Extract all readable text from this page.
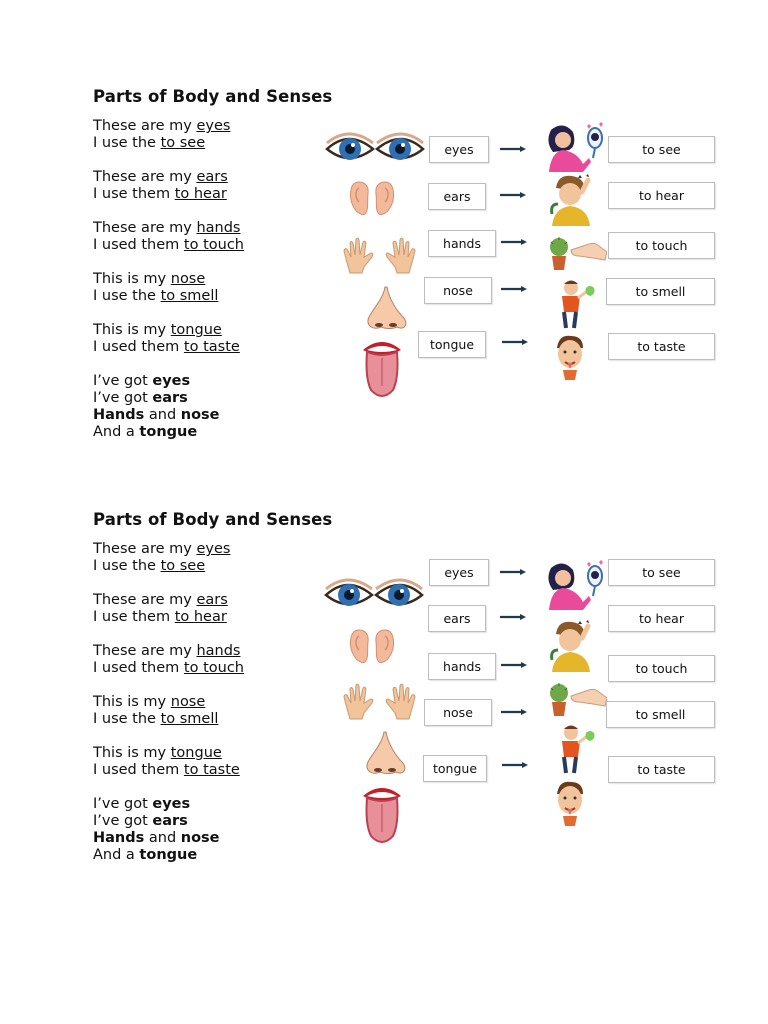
Parts of Body and Senses
These are my eyes
I use the to see
These are my ears
I use them to hear
These are my hands
I used them to touch
This is my nose
I use the to smell
This is my tongue
I used them to taste
I’ve got eyes
I’ve got ears
Hands and nose
And a tongue
eyes
ears
hands
nose
tongue
to see
to hear
to touch
to smell
to taste
Parts of Body and Senses
These are my eyes
I use the to see
These are my ears
I use them to hear
These are my hands
I used them to touch
This is my nose
I use the to smell
This is my tongue
I used them to taste
I’ve got eyes
I’ve got ears
Hands and nose
And a tongue
eyes
ears
hands
nose
tongue
to see
to hear
to touch
to smell
to taste
